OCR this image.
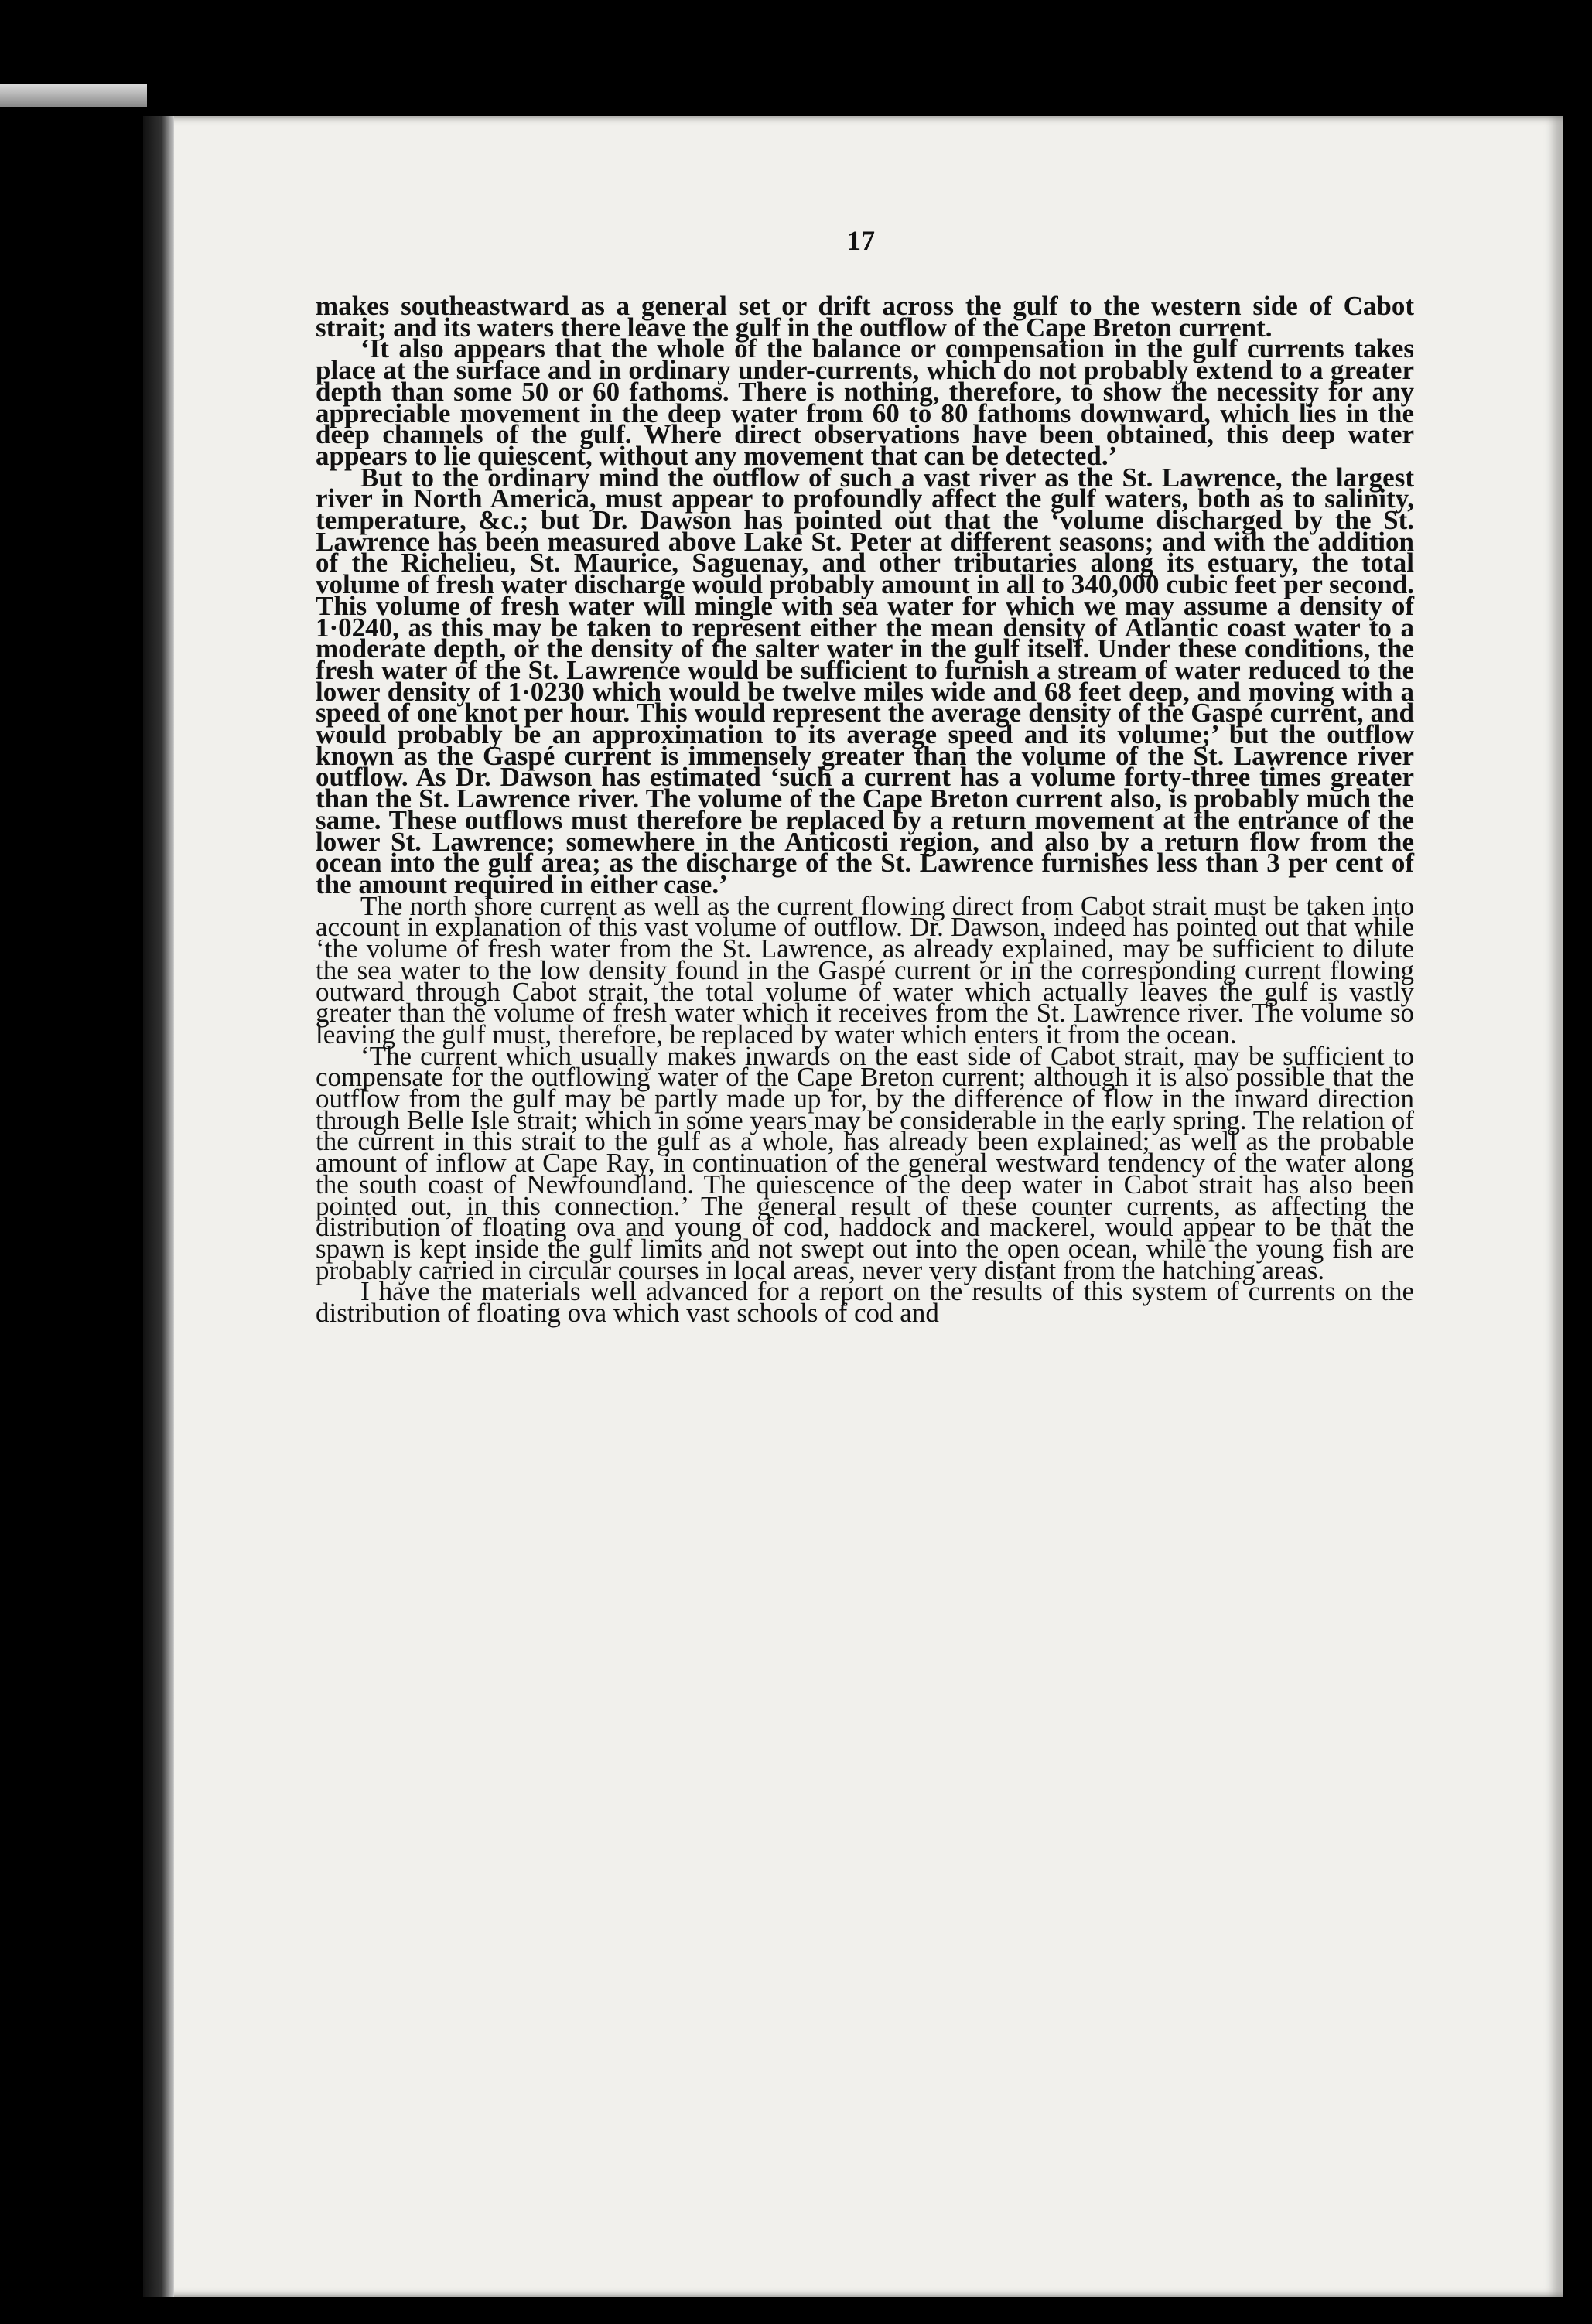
17

makes southeastward as a general set or drift across the gulf to the western side of Cabot strait; and its waters there leave the gulf in the outflow of the Cape Breton current.

‘It also appears that the whole of the balance or compensation in the gulf currents takes place at the surface and in ordinary under-currents, which do not probably extend to a greater depth than some 50 or 60 fathoms. There is nothing, therefore, to show the necessity for any appreciable movement in the deep water from 60 to 80 fathoms downward, which lies in the deep channels of the gulf. Where direct observations have been obtained, this deep water appears to lie quiescent, without any movement that can be detected.’

But to the ordinary mind the outflow of such a vast river as the St. Lawrence, the largest river in North America, must appear to profoundly affect the gulf waters, both as to salinity, temperature, &c.; but Dr. Dawson has pointed out that the ‘volume discharged by the St. Lawrence has been measured above Lake St. Peter at different seasons; and with the addition of the Richelieu, St. Maurice, Saguenay, and other tributaries along its estuary, the total volume of fresh water discharge would probably amount in all to 340,000 cubic feet per second. This volume of fresh water will mingle with sea water for which we may assume a density of 1·0240, as this may be taken to represent either the mean density of Atlantic coast water to a moderate depth, or the density of the salter water in the gulf itself. Under these conditions, the fresh water of the St. Lawrence would be sufficient to furnish a stream of water reduced to the lower density of 1·0230 which would be twelve miles wide and 68 feet deep, and moving with a speed of one knot per hour. This would represent the average density of the Gaspé current, and would probably be an approximation to its average speed and its volume;’ but the outflow known as the Gaspé current is immensely greater than the volume of the St. Lawrence river outflow. As Dr. Dawson has estimated ‘such a current has a volume forty-three times greater than the St. Lawrence river. The volume of the Cape Breton current also, is probably much the same. These outflows must therefore be replaced by a return movement at the entrance of the lower St. Lawrence; somewhere in the Anticosti region, and also by a return flow from the ocean into the gulf area; as the discharge of the St. Lawrence furnishes less than 3 per cent of the amount required in either case.’

The north shore current as well as the current flowing direct from Cabot strait must be taken into account in explanation of this vast volume of outflow. Dr. Dawson, indeed has pointed out that while ‘the volume of fresh water from the St. Lawrence, as already explained, may be sufficient to dilute the sea water to the low density found in the Gaspé current or in the corresponding current flowing outward through Cabot strait, the total volume of water which actually leaves the gulf is vastly greater than the volume of fresh water which it receives from the St. Lawrence river. The volume so leaving the gulf must, therefore, be replaced by water which enters it from the ocean.

‘The current which usually makes inwards on the east side of Cabot strait, may be sufficient to compensate for the outflowing water of the Cape Breton current; although it is also possible that the outflow from the gulf may be partly made up for, by the difference of flow in the inward direction through Belle Isle strait; which in some years may be considerable in the early spring. The relation of the current in this strait to the gulf as a whole, has already been explained; as well as the probable amount of inflow at Cape Ray, in continuation of the general westward tendency of the water along the south coast of Newfoundland. The quiescence of the deep water in Cabot strait has also been pointed out, in this connection.’ The general result of these counter currents, as affecting the distribution of floating ova and young of cod, haddock and mackerel, would appear to be that the spawn is kept inside the gulf limits and not swept out into the open ocean, while the young fish are probably carried in circular courses in local areas, never very distant from the hatching areas.

I have the materials well advanced for a report on the results of this system of currents on the distribution of floating ova which vast schools of cod and
